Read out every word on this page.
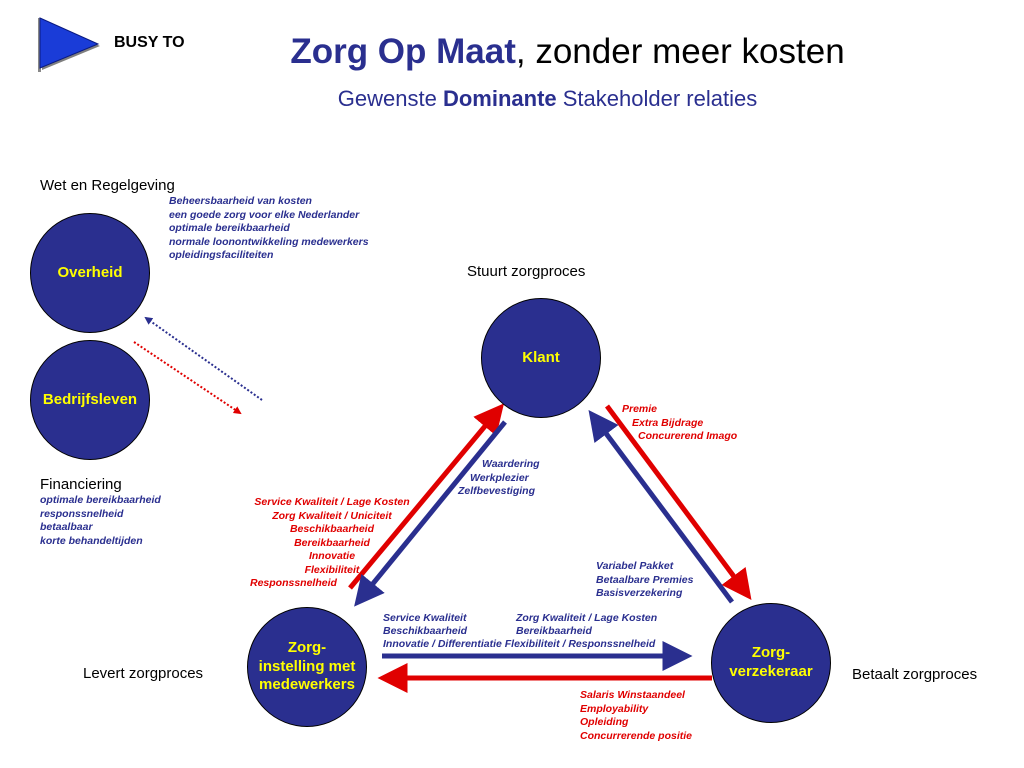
BUSY TO	Zorg Op Maat, zonder meer kosten
Gewenste Dominante Stakeholder relaties
Overheid
Bedrijfsleven
Klant
Zorg-
instelling met
medewerkers
Zorg-
verzekeraar
Wet en Regelgeving
Stuurt zorgproces
Financiering
Levert zorgproces	Betaalt zorgproces
Beheersbaarheid van kosten
een goede zorg voor elke Nederlander
optimale bereikbaarheid
normale loonontwikkeling medewerkers
opleidingsfaciliteiten
optimale bereikbaarheid
responssnelheid
betaalbaar
korte behandeltijden
Waardering
Werkplezier
Zelfbevestiging
Service Kwaliteit / Lage Kosten
Zorg Kwaliteit / Uniciteit
Beschikbaarheid
Bereikbaarheid
Innovatie
Flexibiliteit
Responssnelheid
Premie
Extra Bijdrage
Concurerend Imago
Variabel Pakket
Betaalbare Premies
Basisverzekering
Service Kwaliteit
Beschikbaarheid
Zorg Kwaliteit / Lage Kosten
Bereikbaarheid
Innovatie / Differentiatie Flexibiliteit / Responssnelheid
Salaris Winstaandeel
Employability
Opleiding
Concurrerende positie
